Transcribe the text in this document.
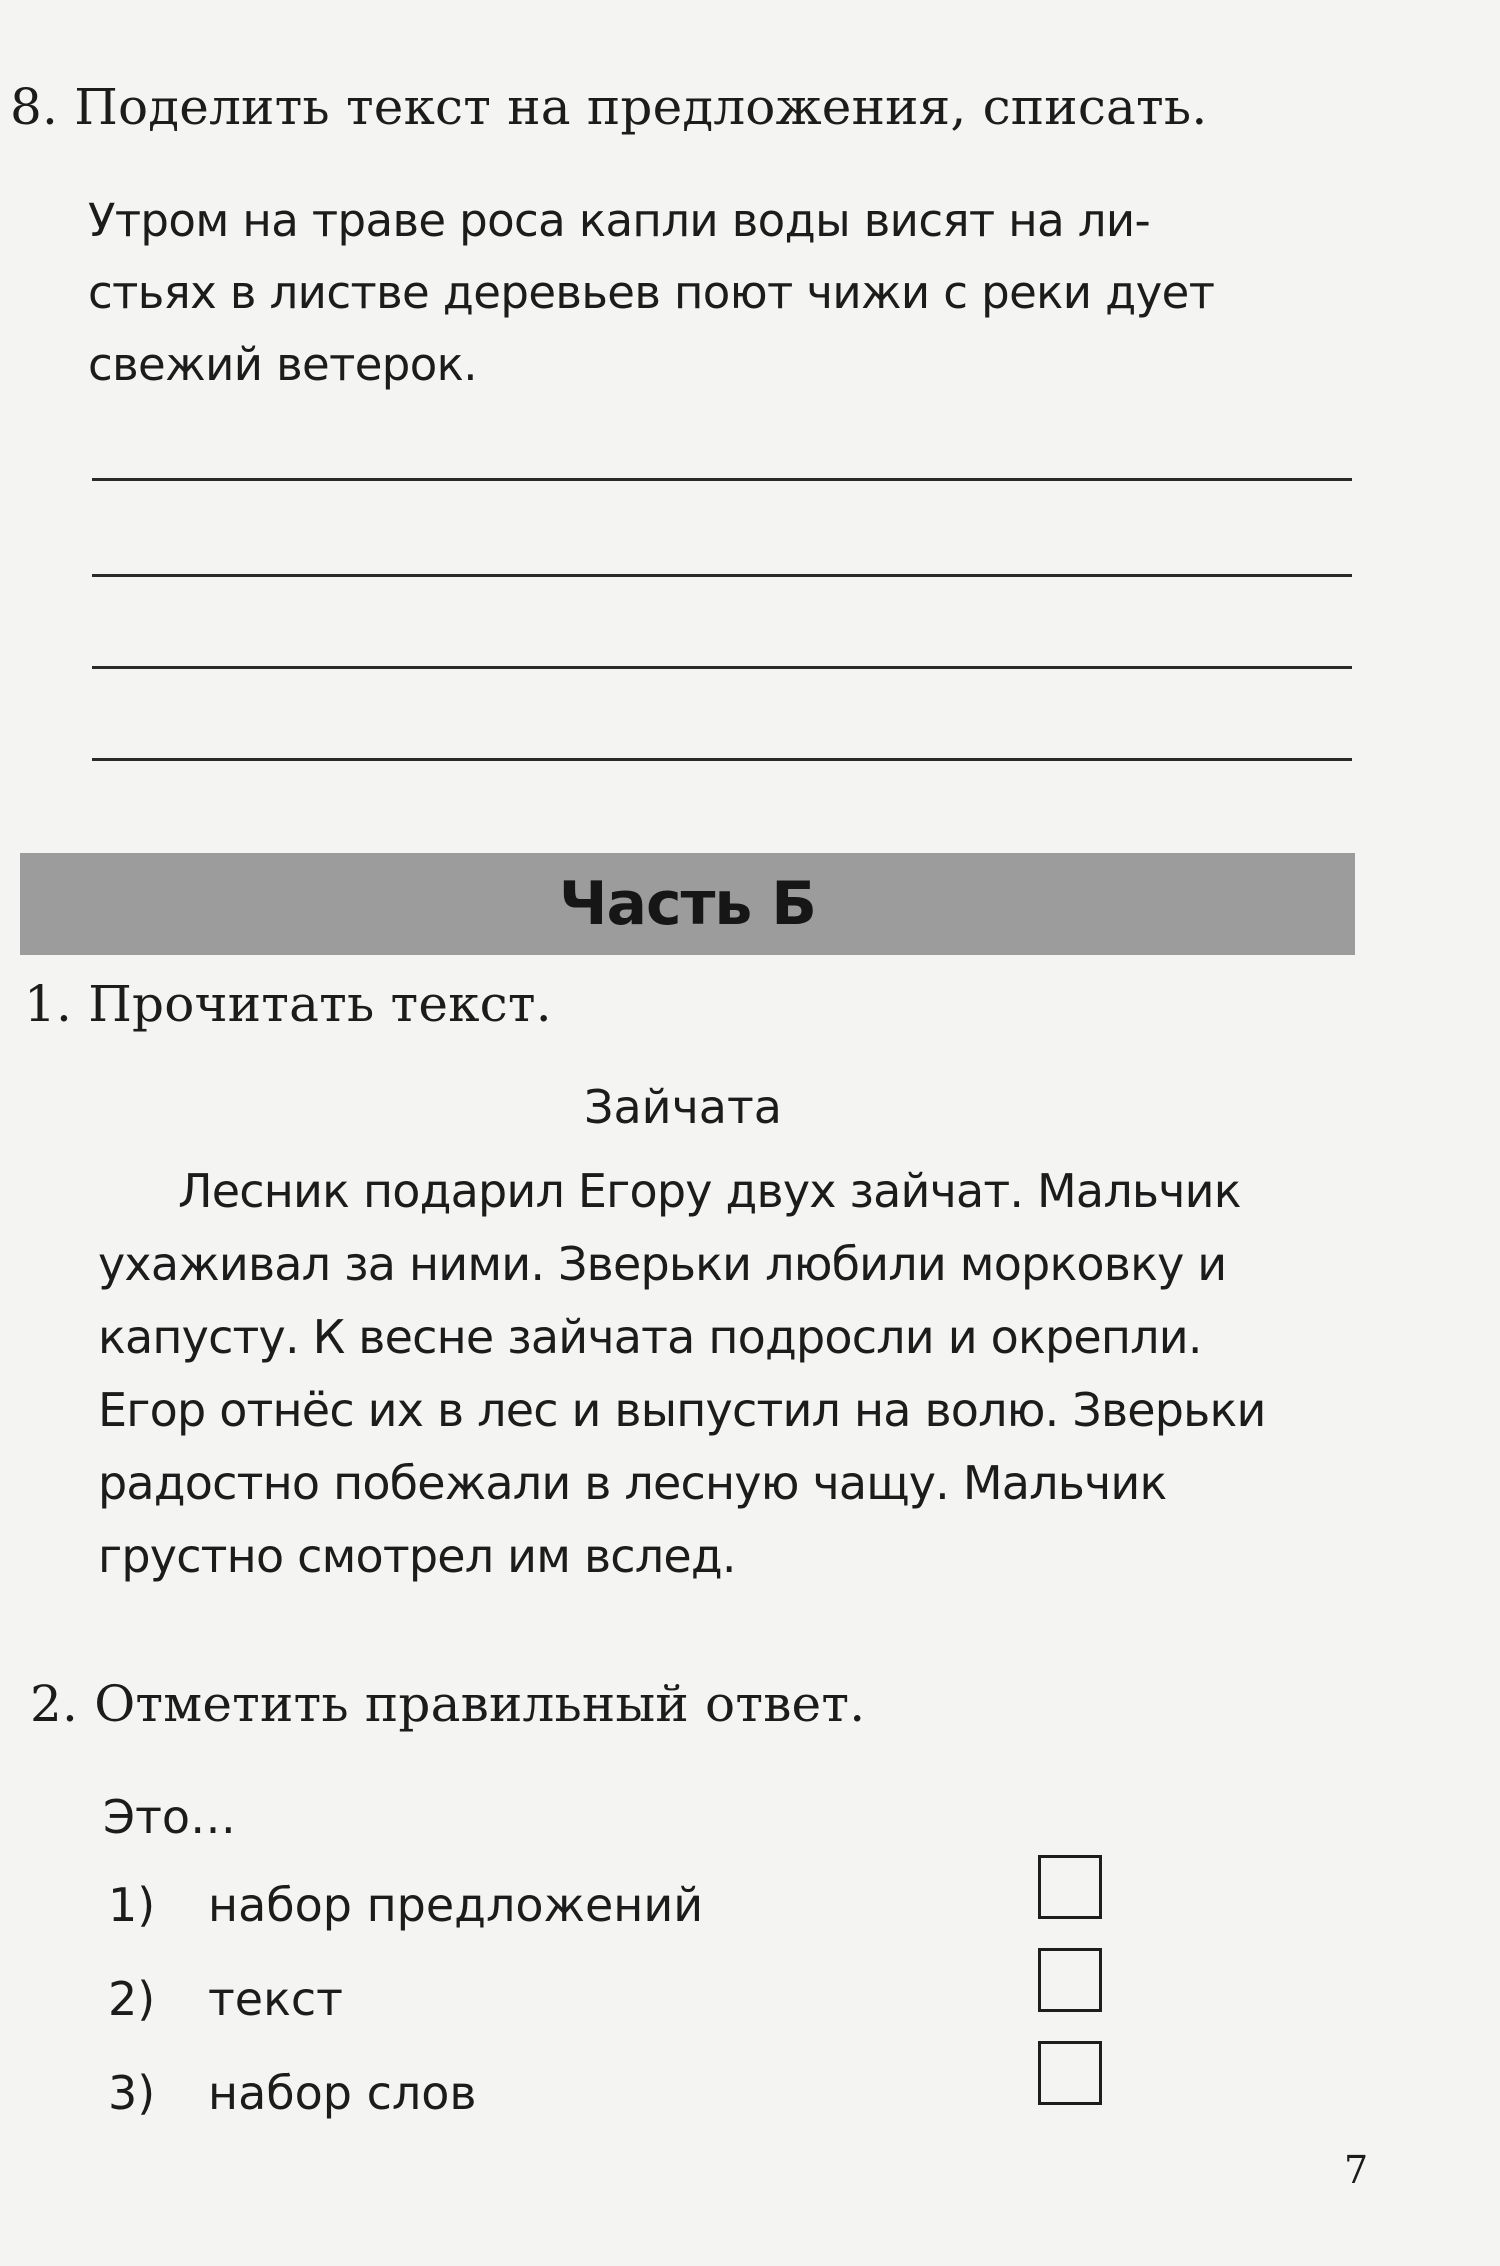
8. Поделить текст на предложения, списать.
Утром на траве роса капли воды висят на ли-
стьях в листве деревьев поют чижи с реки дует
свежий ветерок.
Часть Б
1. Прочитать текст.
Зайчата
Лесник подарил Егору двух зайчат. Мальчик
ухаживал за ними. Зверьки любили морковку и
капусту. К весне зайчата подросли и окрепли.
Егор отнёс их в лес и выпустил на волю. Зверьки
радостно побежали в лесную чащу. Мальчик
грустно смотрел им вслед.
2. Отметить правильный ответ.
Это…
1) набор предложений
2) текст
3) набор слов
7
